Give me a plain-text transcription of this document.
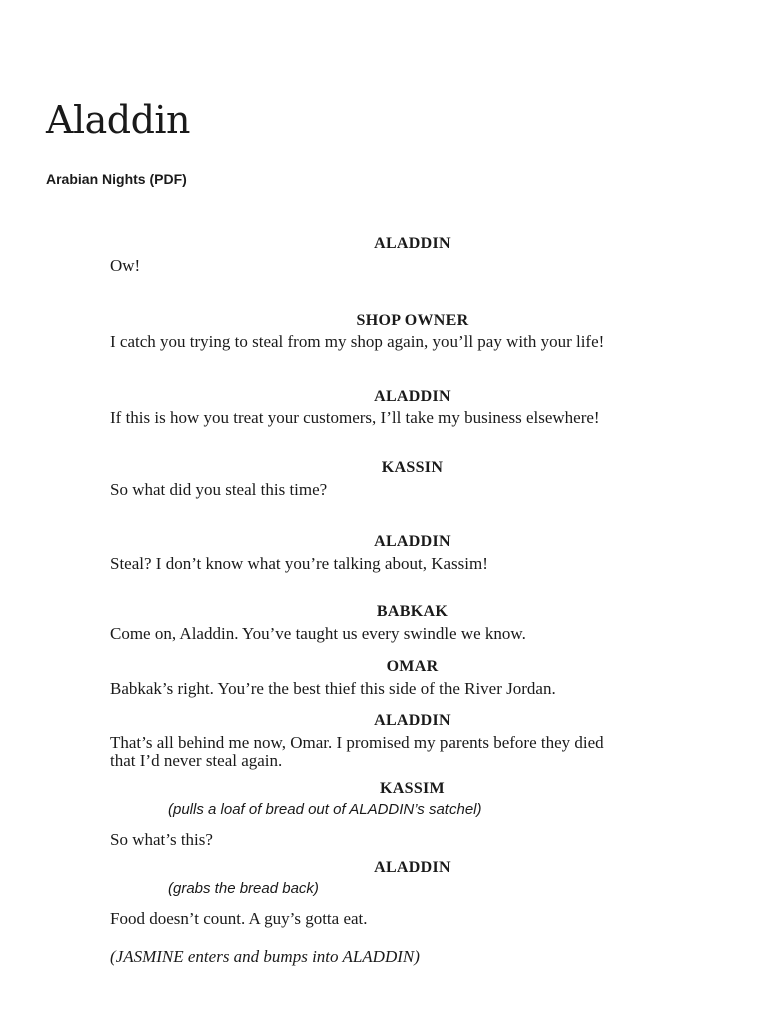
Aladdin

Arabian Nights (PDF)

ALADDIN

Ow!

SHOP OWNER

I catch you trying to steal from my shop again, you’ll pay with your life!

ALADDIN

If this is how you treat your customers, I’ll take my business elsewhere!

KASSIN

So what did you steal this time?

ALADDIN

Steal? I don’t know what you’re talking about, Kassim!

BABKAK

Come on, Aladdin. You’ve taught us every swindle we know.

OMAR

Babkak’s right. You’re the best thief this side of the River Jordan.

ALADDIN

That’s all behind me now, Omar. I promised my parents before they died

that I’d never steal again.

KASSIM

(pulls a loaf of bread out of ALADDIN’s satchel)

So what’s this?

ALADDIN

(grabs the bread back)

Food doesn’t count. A guy’s gotta eat.

(JASMINE enters and bumps into ALADDIN)
